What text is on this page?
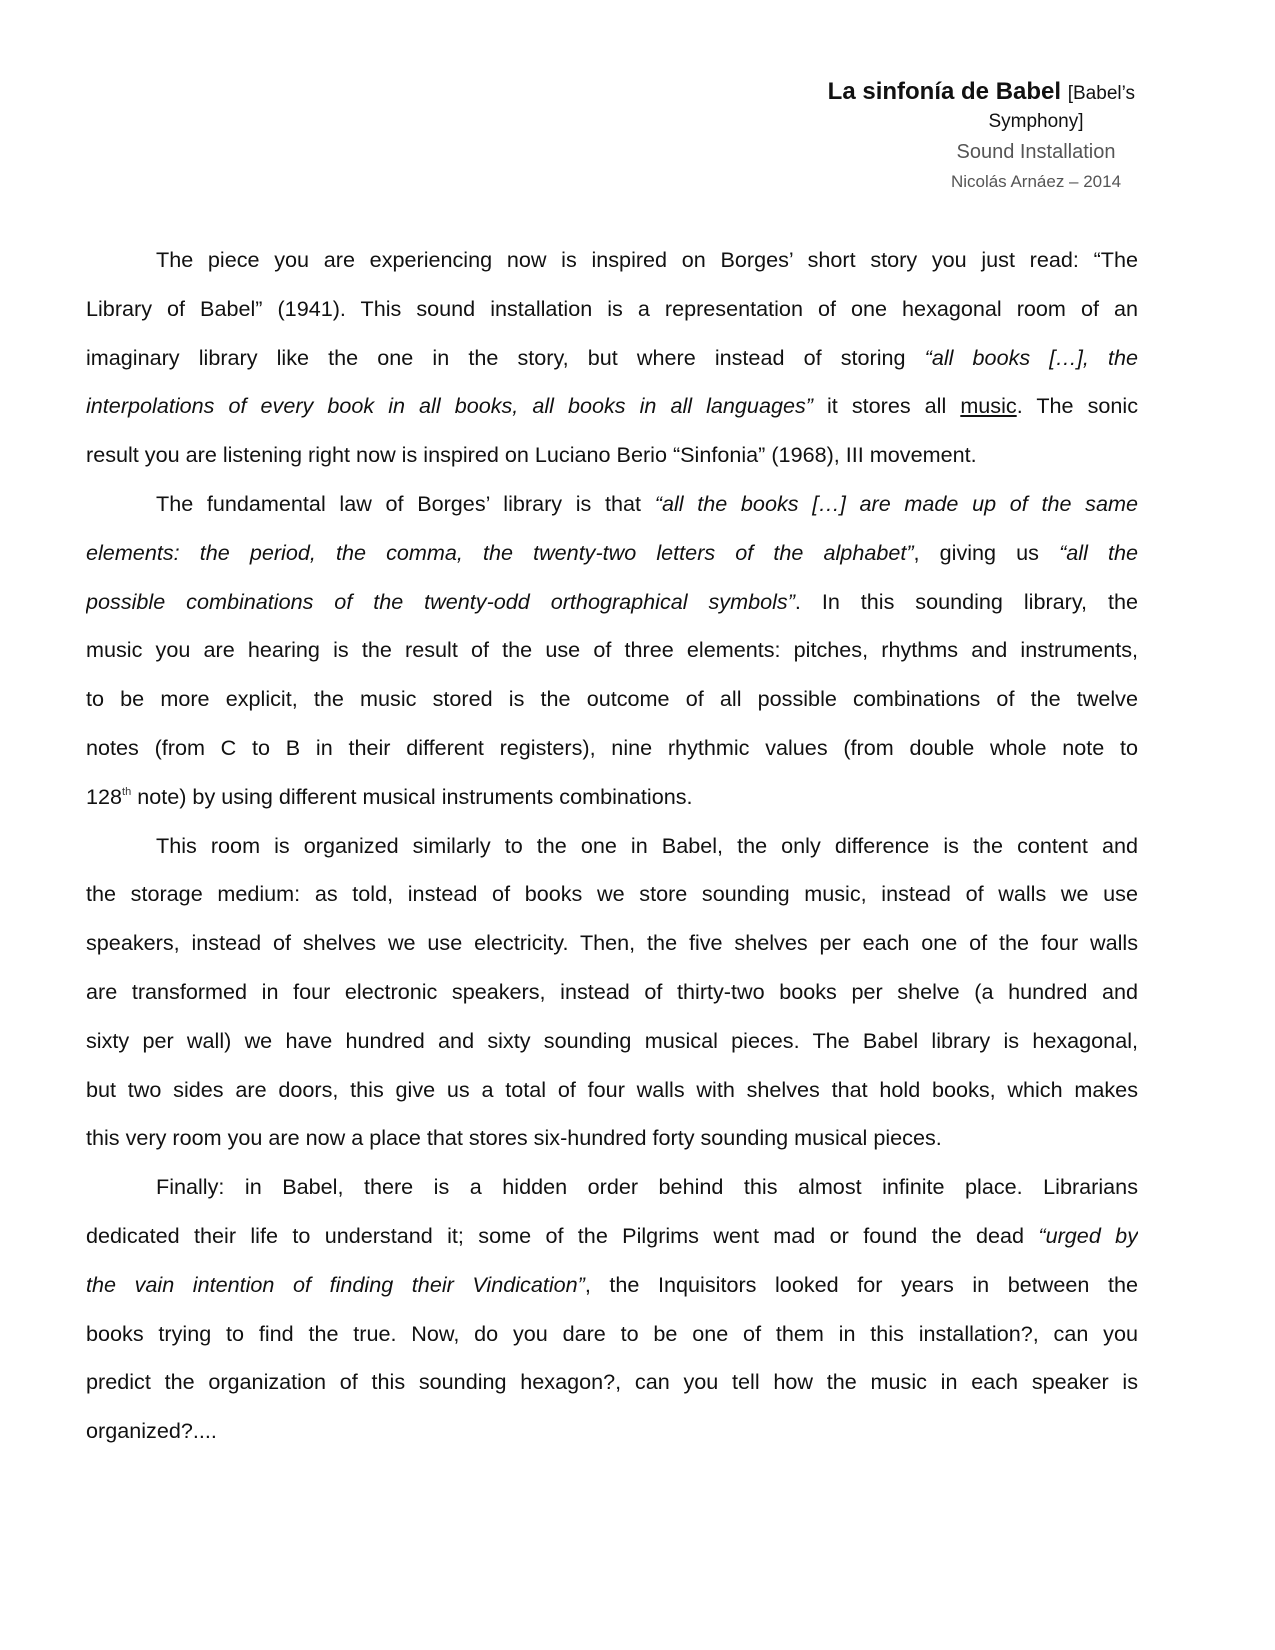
La sinfonía de Babel [Babel’s
Symphony]
Sound Installation
Nicolás Arnáez – 2014
The piece you are experiencing now is inspired on Borges’ short story you just read: “The
Library of Babel” (1941). This sound installation is a representation of one hexagonal room of an
imaginary library like the one in the story, but where instead of storing “all books […], the
interpolations of every book in all books, all books in all languages” it stores all music. The sonic
result you are listening right now is inspired on Luciano Berio “Sinfonia” (1968), III movement.
The fundamental law of Borges’ library is that “all the books […] are made up of the same
elements: the period, the comma, the twenty-two letters of the alphabet”, giving us “all the
possible combinations of the twenty-odd orthographical symbols”. In this sounding library, the
music you are hearing is the result of the use of three elements: pitches, rhythms and instruments,
to be more explicit, the music stored is the outcome of all possible combinations of the twelve
notes (from C to B in their different registers), nine rhythmic values (from double whole note to
128th note) by using different musical instruments combinations.
This room is organized similarly to the one in Babel, the only difference is the content and
the storage medium: as told, instead of books we store sounding music, instead of walls we use
speakers, instead of shelves we use electricity. Then, the five shelves per each one of the four walls
are transformed in four electronic speakers, instead of thirty-two books per shelve (a hundred and
sixty per wall) we have hundred and sixty sounding musical pieces. The Babel library is hexagonal,
but two sides are doors, this give us a total of four walls with shelves that hold books, which makes
this very room you are now a place that stores six-hundred forty sounding musical pieces.
Finally: in Babel, there is a hidden order behind this almost infinite place. Librarians
dedicated their life to understand it; some of the Pilgrims went mad or found the dead “urged by
the vain intention of finding their Vindication”, the Inquisitors looked for years in between the
books trying to find the true. Now, do you dare to be one of them in this installation?, can you
predict the organization of this sounding hexagon?, can you tell how the music in each speaker is
organized?....
